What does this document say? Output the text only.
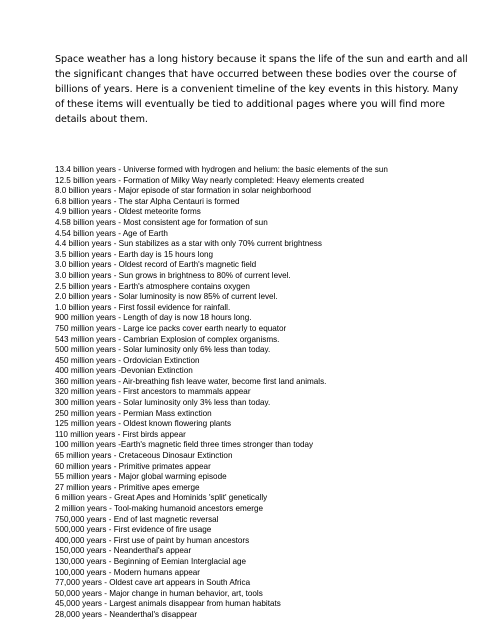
Space weather has a long history because it spans the life of the sun and earth and all
the significant changes that have occurred between these bodies over the course of
billions of years. Here is a convenient timeline of the key events in this history. Many
of these items will eventually be tied to additional pages where you will find more
details about them.

13.4 billion years - Universe formed with hydrogen and helium: the basic elements of the sun
12.5 billion years - Formation of Milky Way nearly completed: Heavy elements created
8.0 billion years - Major episode of star formation in solar neighborhood
6.8 billion years - The star Alpha Centauri is formed
4.9 billion years - Oldest meteorite forms
4.58 billion years - Most consistent age for formation of sun
4.54 billion years - Age of Earth
4.4 billion years - Sun stabilizes as a star with only 70% current brightness
3.5 billion years - Earth day is 15 hours long
3.0 billion years - Oldest record of Earth's magnetic field
3.0 billion years - Sun grows in brightness to 80% of current level.
2.5 billion years - Earth's atmosphere contains oxygen
2.0 billion years - Solar luminosity is now 85% of current level.
1.0 billion years - First fossil evidence for rainfall.
900 million years - Length of day is now 18 hours long.
750 million years - Large ice packs cover earth nearly to equator
543 million years - Cambrian Explosion of complex organisms.
500 million years - Solar luminosity only 6% less than today.
450 million years - Ordovician Extinction
400 million years -Devonian Extinction
360 million years - Air-breathing fish leave water, become first land animals.
320 million years - First ancestors to mammals appear
300 million years - Solar luminosity only 3% less than today.
250 million years - Permian Mass extinction
125 million years - Oldest known flowering plants
110 million years - First birds appear
100 million years -Earth's magnetic field three times stronger than today
65 million years - Cretaceous Dinosaur Extinction
60 million years - Primitive primates appear
55 million years - Major global warming episode
27 million years - Primitive apes emerge
6 million years - Great Apes and Hominids 'split' genetically
2 million years - Tool-making humanoid ancestors emerge
750,000 years - End of last magnetic reversal
500,000 years - First evidence of fire usage
400,000 years - First use of paint by human ancestors
150,000 years - Neanderthal's appear
130,000 years - Beginning of Eemian Interglacial age
100,000 years - Modern humans appear
77,000 years - Oldest cave art appears in South Africa
50,000 years - Major change in human behavior, art, tools
45,000 years - Largest animals disappear from human habitats
28,000 years - Neanderthal's disappear
